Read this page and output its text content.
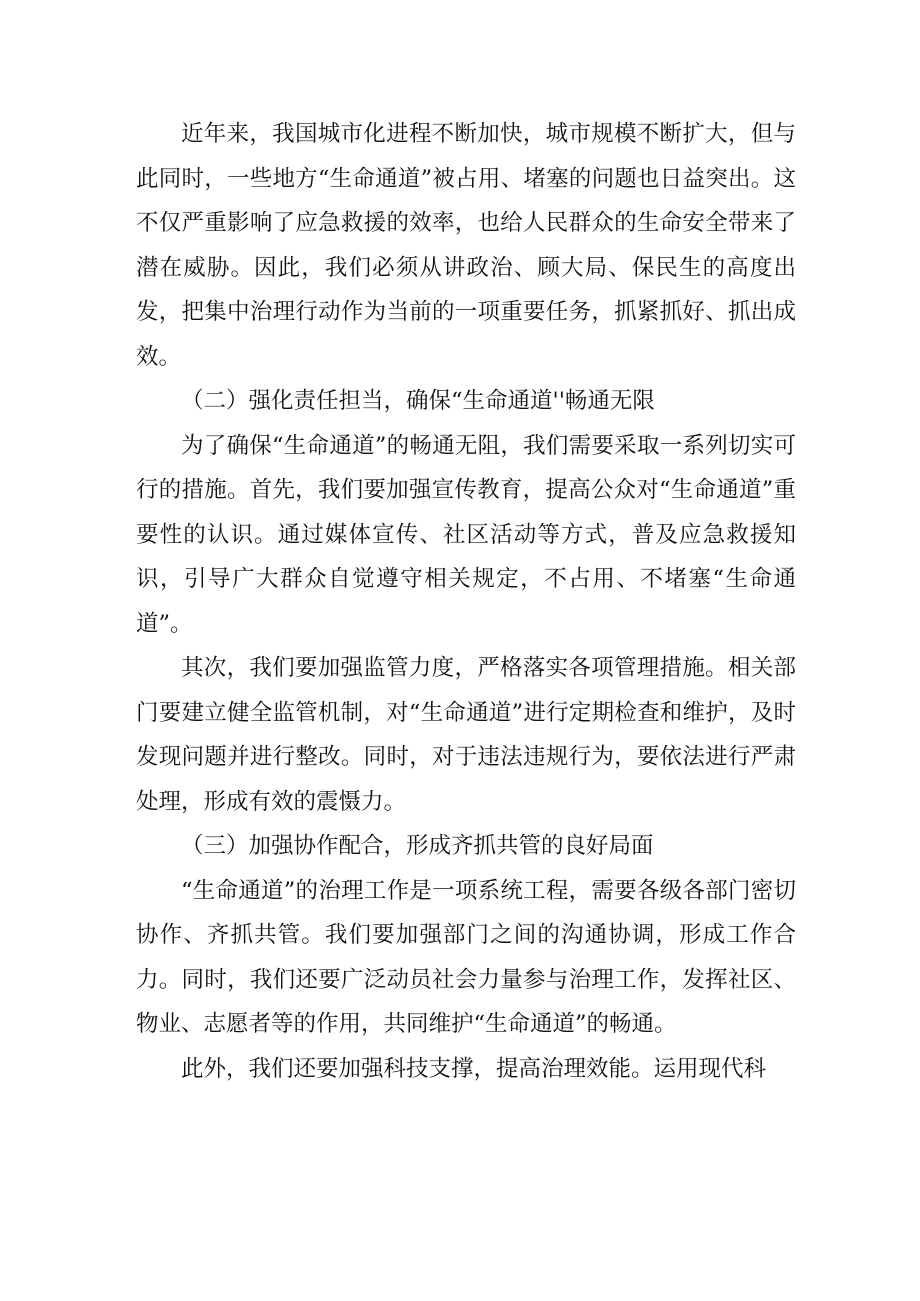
近年来，我国城市化进程不断加快，城市规模不断扩大，但与此同时，一些地方“生命通道”被占用、堵塞的问题也日益突出。这不仅严重影响了应急救援的效率，也给人民群众的生命安全带来了潜在威胁。因此，我们必须从讲政治、顾大局、保民生的高度出发，把集中治理行动作为当前的一项重要任务，抓紧抓好、抓出成效。

（二）强化责任担当，确保“生命通道''畅通无限

为了确保“生命通道”的畅通无阻，我们需要采取一系列切实可行的措施。首先，我们要加强宣传教育，提高公众对“生命通道”重要性的认识。通过媒体宣传、社区活动等方式，普及应急救援知识，引导广大群众自觉遵守相关规定，不占用、不堵塞“生命通道”。

其次，我们要加强监管力度，严格落实各项管理措施。相关部门要建立健全监管机制，对“生命通道”进行定期检查和维护，及时发现问题并进行整改。同时，对于违法违规行为，要依法进行严肃处理，形成有效的震慑力。

（三）加强协作配合，形成齐抓共管的良好局面

“生命通道”的治理工作是一项系统工程，需要各级各部门密切协作、齐抓共管。我们要加强部门之间的沟通协调，形成工作合力。同时，我们还要广泛动员社会力量参与治理工作，发挥社区、物业、志愿者等的作用，共同维护“生命通道”的畅通。

此外，我们还要加强科技支撑，提高治理效能。运用现代科
